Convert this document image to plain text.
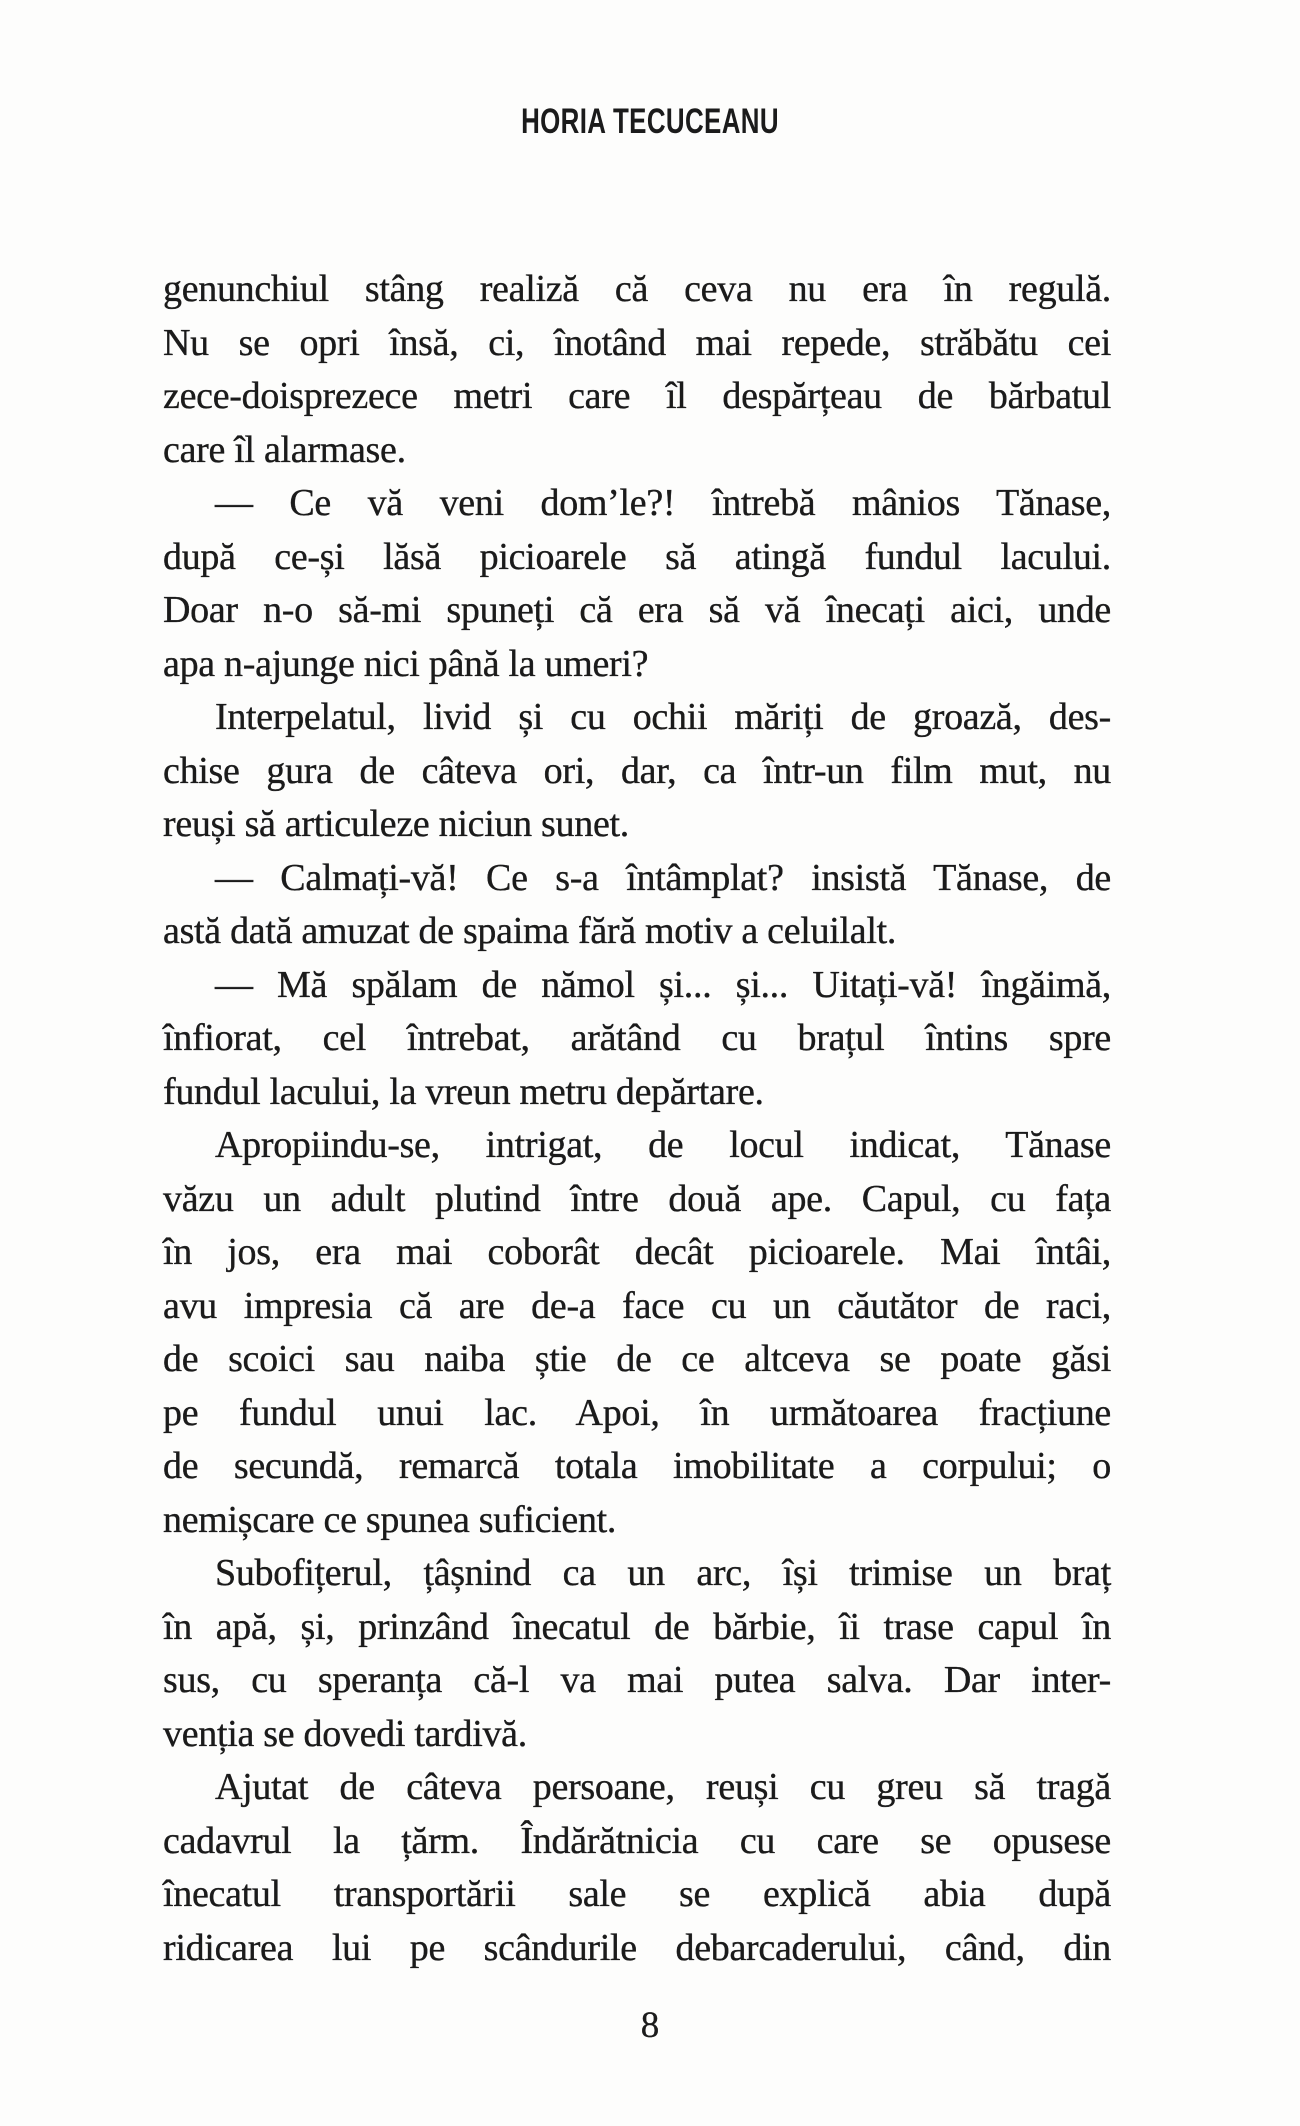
HORIA TECUCEANU
genunchiul stâng realiză că ceva nu era în regulă.
Nu se opri însă, ci, înotând mai repede, străbătu cei
zece-doisprezece metri care îl despărțeau de bărbatul
care îl alarmase.
— Ce vă veni dom’le?! întrebă mânios Tănase,
după ce-și lăsă picioarele să atingă fundul lacului.
Doar n-o să-mi spuneți că era să vă înecați aici, unde
apa n-ajunge nici până la umeri?
Interpelatul, livid și cu ochii măriți de groază, des-
chise gura de câteva ori, dar, ca într-un film mut, nu
reuși să articuleze niciun sunet.
— Calmați-vă! Ce s-a întâmplat? insistă Tănase, de
astă dată amuzat de spaima fără motiv a celuilalt.
— Mă spălam de nămol și... și... Uitați-vă! îngăimă,
înfiorat, cel întrebat, arătând cu brațul întins spre
fundul lacului, la vreun metru depărtare.
Apropiindu-se, intrigat, de locul indicat, Tănase
văzu un adult plutind între două ape. Capul, cu fața
în jos, era mai coborât decât picioarele. Mai întâi,
avu impresia că are de-a face cu un căutător de raci,
de scoici sau naiba știe de ce altceva se poate găsi
pe fundul unui lac. Apoi, în următoarea fracțiune
de secundă, remarcă totala imobilitate a corpului; o
nemișcare ce spunea suficient.
Subofițerul, țâșnind ca un arc, își trimise un braț
în apă, și, prinzând înecatul de bărbie, îi trase capul în
sus, cu speranța că-l va mai putea salva. Dar inter-
venția se dovedi tardivă.
Ajutat de câteva persoane, reuși cu greu să tragă
cadavrul la țărm. Îndărătnicia cu care se opusese
înecatul transportării sale se explică abia după
ridicarea lui pe scândurile debarcaderului, când, din
8
